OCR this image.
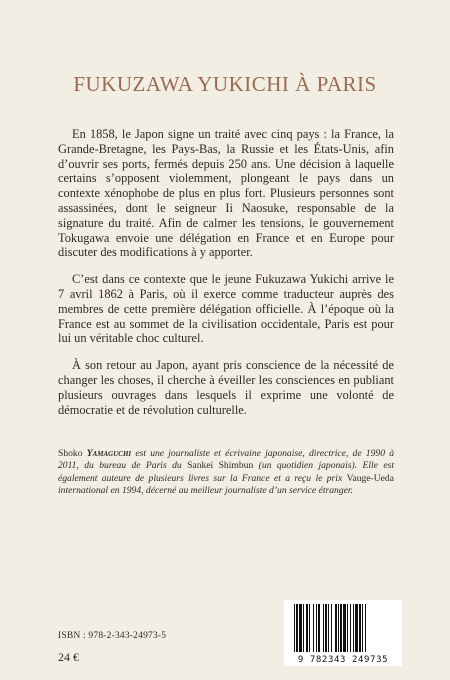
FUKUZAWA YUKICHI À PARIS

En 1858, le Japon signe un traité avec cinq pays : la France, la Grande-Bretagne, les Pays-Bas, la Russie et les États-Unis, afin d’ouvrir ses ports, fermés depuis 250 ans. Une décision à laquelle certains s’opposent violemment, plongeant le pays dans un contexte xénophobe de plus en plus fort. Plusieurs personnes sont assassinées, dont le seigneur Ii Naosuke, responsable de la signature du traité. Afin de calmer les tensions, le gouvernement Tokugawa envoie une délégation en France et en Europe pour discuter des modifications à y apporter.

C’est dans ce contexte que le jeune Fukuzawa Yukichi arrive le 7 avril 1862 à Paris, où il exerce comme traducteur auprès des membres de cette première délégation officielle. À l’époque où la France est au sommet de la civilisation occidentale, Paris est pour lui un véritable choc culturel.

À son retour au Japon, ayant pris conscience de la nécessité de changer les choses, il cherche à éveiller les consciences en publiant plusieurs ouvrages dans lesquels il exprime une volonté de démocratie et de révolution culturelle.

Shoko Yamaguchi est une journaliste et écrivaine japonaise, directrice, de 1990 à 2011, du bureau de Paris du Sankei Shimbun (un quotidien japonais). Elle est également auteure de plusieurs livres sur la France et a reçu le prix Vauge-Ueda international en 1994, décerné au meilleur journaliste d’un service étranger.
ISBN : 978-2-343-24973-5
24 €	9 782343 249735
